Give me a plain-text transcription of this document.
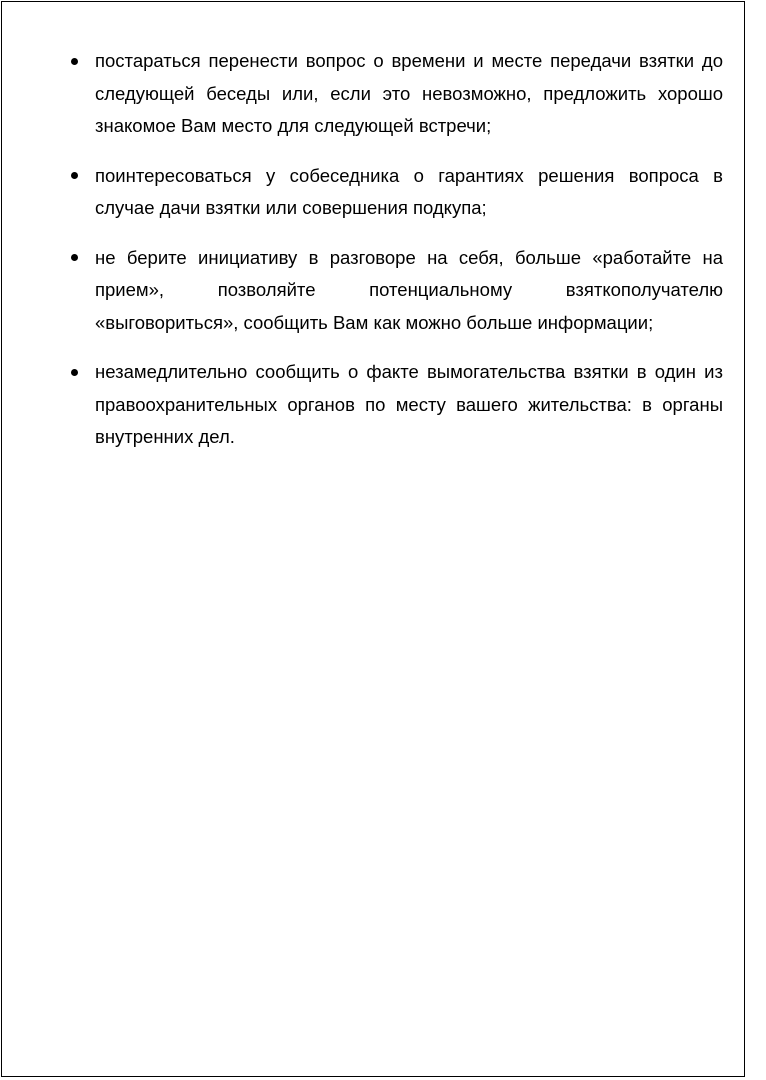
постараться перенести вопрос о времени и месте передачи взятки до следующей беседы или, если это невозможно, предложить хорошо знакомое Вам место для следующей встречи;
поинтересоваться у собеседника о гарантиях решения вопроса в случае дачи взятки или совершения подкупа;
не берите инициативу в разговоре на себя, больше «работайте на прием», позволяйте потенциальному взяткополучателю «выговориться», сообщить Вам как можно больше информации;
незамедлительно сообщить о факте вымогательства взятки в один из правоохранительных органов по месту вашего жительства: в органы внутренних дел.
